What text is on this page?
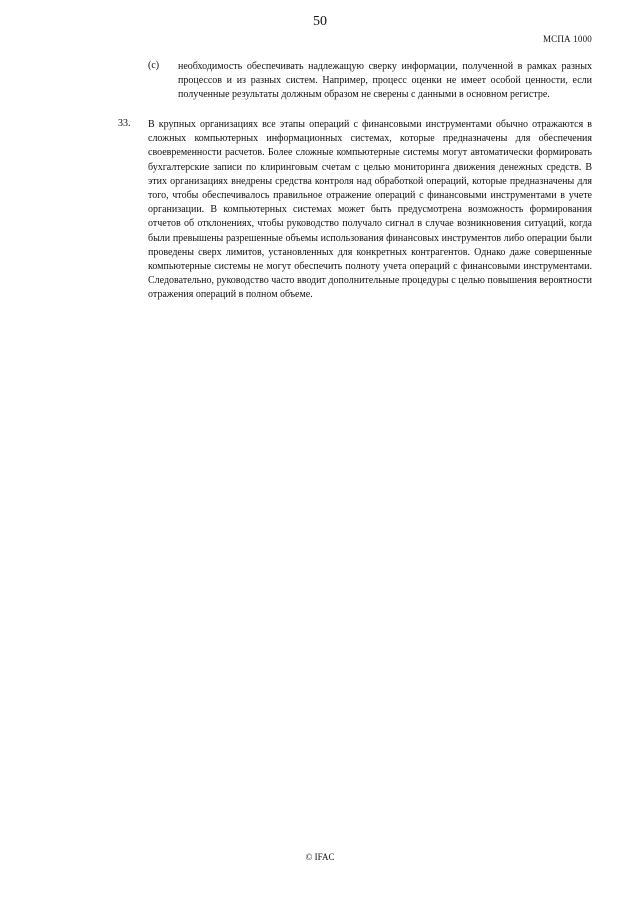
50
МСПА 1000
(c) необходимость обеспечивать надлежащую сверку информации, полученной в рамках разных процессов и из разных систем. Например, процесс оценки не имеет особой ценности, если полученные результаты должным образом не сверены с данными в основном регистре.
33. В крупных организациях все этапы операций с финансовыми инструментами обычно отражаются в сложных компьютерных информационных системах, которые предназначены для обеспечения своевременности расчетов. Более сложные компьютерные системы могут автоматически формировать бухгалтерские записи по клиринговым счетам с целью мониторинга движения денежных средств. В этих организациях внедрены средства контроля над обработкой операций, которые предназначены для того, чтобы обеспечивалось правильное отражение операций с финансовыми инструментами в учете организации. В компьютерных системах может быть предусмотрена возможность формирования отчетов об отклонениях, чтобы руководство получало сигнал в случае возникновения ситуаций, когда были превышены разрешенные объемы использования финансовых инструментов либо операции были проведены сверх лимитов, установленных для конкретных контрагентов. Однако даже совершенные компьютерные системы не могут обеспечить полноту учета операций с финансовыми инструментами. Следовательно, руководство часто вводит дополнительные процедуры с целью повышения вероятности отражения операций в полном объеме.
© IFAC
